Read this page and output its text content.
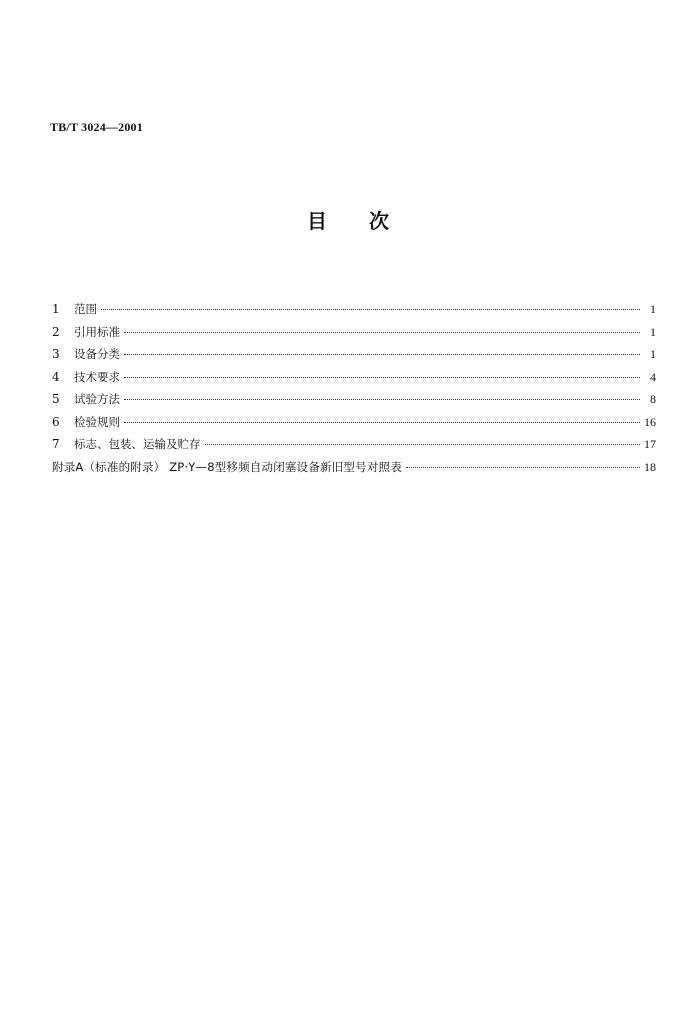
TB/T 3024—2001
目次
1	范围	1
2	引用标准	1
3	设备分类	1
4	技术要求	4
5	试验方法	8
6	检验规则	16
7	标志、包装、运输及贮存	17
附录A（标准的附录） ZP·Y—8型移频自动闭塞设备新旧型号对照表	18
